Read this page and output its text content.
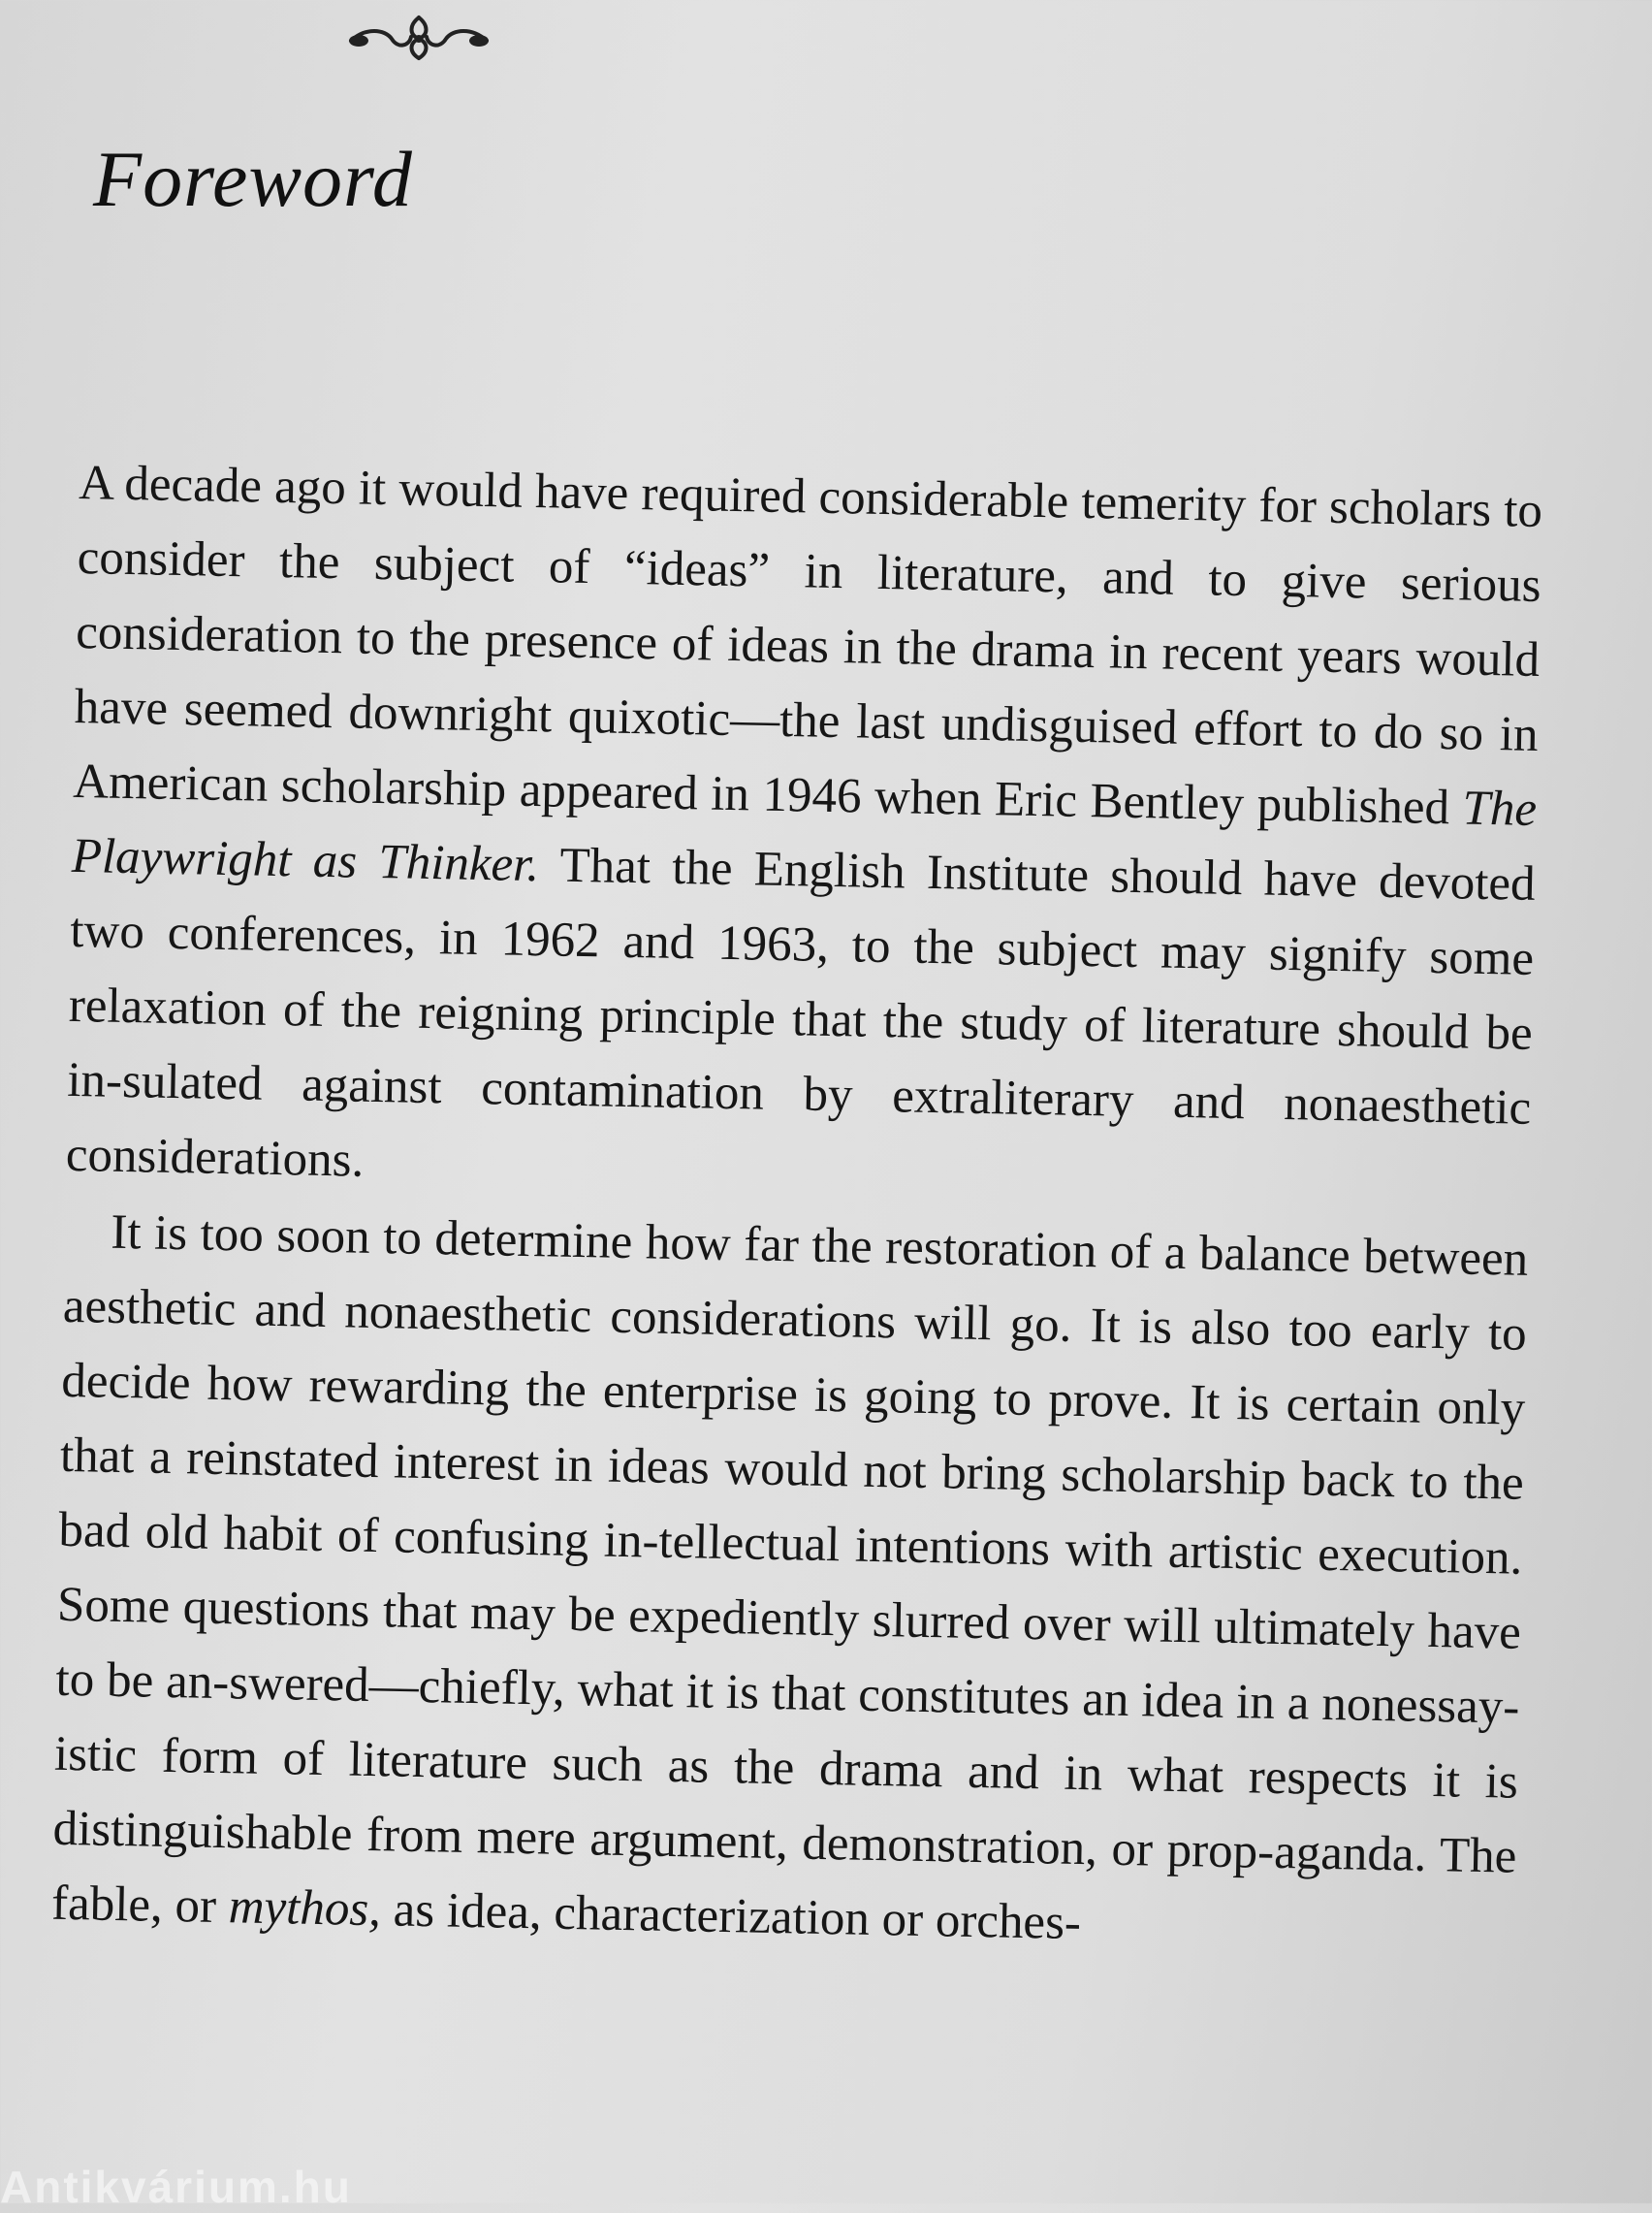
Foreword

A decade ago it would have required considerable temerity for scholars to consider the subject of “ideas” in literature, and to give serious consideration to the presence of ideas in the drama in recent years would have seemed downright quixotic—the last undisguised effort to do so in American scholarship appeared in 1946 when Eric Bentley published The Playwright as Thinker. That the English Institute should have devoted two conferences, in 1962 and 1963, to the subject may signify some relaxation of the reigning principle that the study of literature should be in-sulated against contamination by extraliterary and nonaesthetic considerations.

It is too soon to determine how far the restoration of a balance between aesthetic and nonaesthetic considerations will go. It is also too early to decide how rewarding the enterprise is going to prove. It is certain only that a reinstated interest in ideas would not bring scholarship back to the bad old habit of confusing in-tellectual intentions with artistic execution. Some questions that may be expediently slurred over will ultimately have to be an-swered—chiefly, what it is that constitutes an idea in a nonessay-istic form of literature such as the drama and in what respects it is distinguishable from mere argument, demonstration, or prop-aganda. The fable, or mythos, as idea, characterization or orches-

Antikvárium.hu
